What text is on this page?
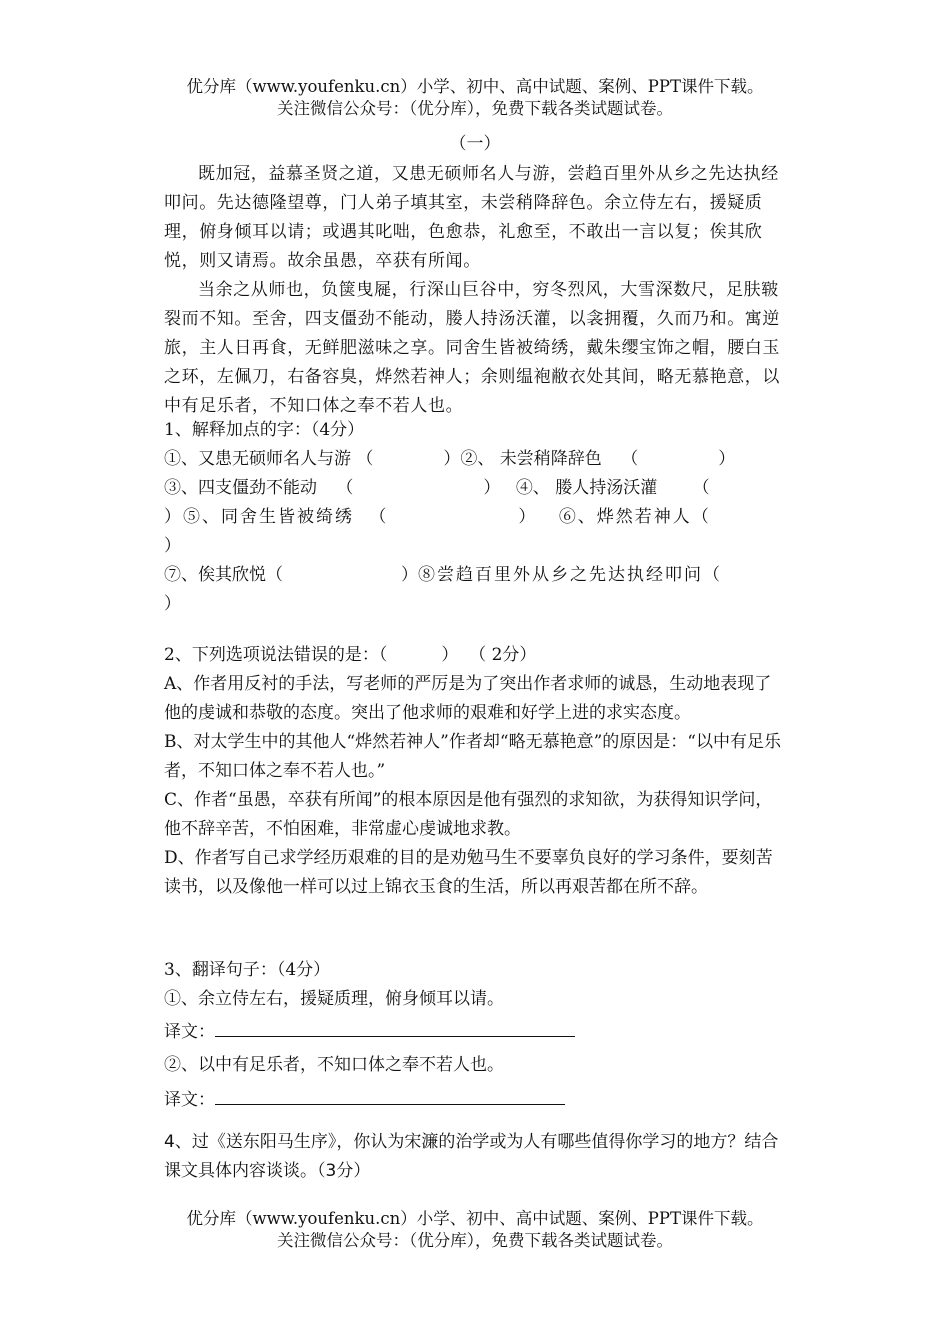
优分库（www.youfenku.cn）小学、初中、高中试题、案例、PPT课件下载。
关注微信公众号：（优分库），免费下载各类试题试卷。
（一）

既加冠，益慕圣贤之道，又患无硕师名人与游，尝趋百里外从乡之先达执经叩问。先达德隆望尊，门人弟子填其室，未尝稍降辞色。余立侍左右，援疑质理，俯身倾耳以请；或遇其叱咄，色愈恭，礼愈至，不敢出一言以复；俟其欣悦，则又请焉。故余虽愚，卒获有所闻。

当余之从师也，负箧曳屣，行深山巨谷中，穷冬烈风，大雪深数尺，足肤皲裂而不知。至舍，四支僵劲不能动，媵人持汤沃灌，以衾拥覆，久而乃和。寓逆旅，主人日再食，无鲜肥滋味之享。同舍生皆被绮绣，戴朱缨宝饰之帽，腰白玉之环，左佩刀，右备容臭，烨然若神人；余则缊袍敝衣处其间，略无慕艳意，以中有足乐者，不知口体之奉不若人也。

1、解释加点的字：（4分）

①、又患无硕师名人与游 （	）②、 未尝稍降辞色 （	）

③、四支僵劲不能动 （	） ④、 媵人持汤沃灌 （

）⑤、同舍生皆被绮绣 （	） ⑥、烨然若神人（

）

⑦、俟其欣悦（	）⑧尝趋百里外从乡之先达执经叩问（

）

2、下列选项说法错误的是：（          ）  （ 2分）

A、作者用反衬的手法，写老师的严厉是为了突出作者求师的诚恳，生动地表现了他的虔诚和恭敬的态度。突出了他求师的艰难和好学上进的求实态度。

B、对太学生中的其他人“烨然若神人”作者却“略无慕艳意”的原因是：“以中有足乐者，不知口体之奉不若人也。”

C、作者“虽愚，卒获有所闻”的根本原因是他有强烈的求知欲，为获得知识学问，他不辞辛苦，不怕困难，非常虚心虔诚地求教。

D、作者写自己求学经历艰难的目的是劝勉马生不要辜负良好的学习条件，要刻苦读书，以及像他一样可以过上锦衣玉食的生活，所以再艰苦都在所不辞。

3、翻译句子：（4分）

①、余立侍左右，援疑质理，俯身倾耳以请。

译文：

②、以中有足乐者，不知口体之奉不若人也。

译文：

4、过《送东阳马生序》，你认为宋濂的治学或为人有哪些值得你学习的地方？结合课文具体内容谈谈。（3分）
优分库（www.youfenku.cn）小学、初中、高中试题、案例、PPT课件下载。
关注微信公众号：（优分库），免费下载各类试题试卷。
